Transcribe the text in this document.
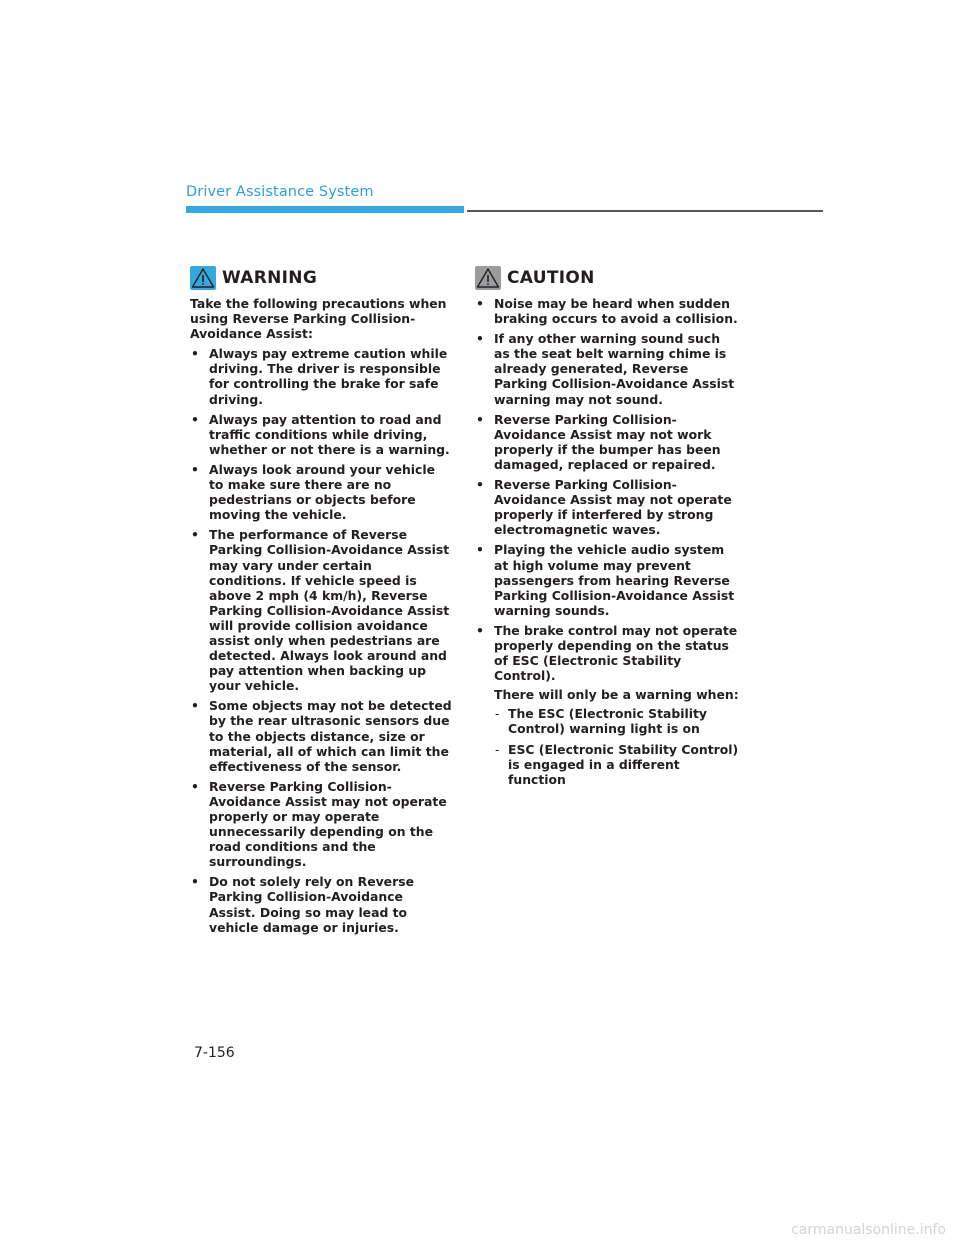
Driver Assistance System
WARNING

Take the following precautions when using Reverse Parking Collision-Avoidance Assist:

• Always pay extreme caution while driving. The driver is responsible for controlling the brake for safe driving.
• Always pay attention to road and traffic conditions while driving, whether or not there is a warning.
• Always look around your vehicle to make sure there are no pedestrians or objects before moving the vehicle.
• The performance of Reverse Parking Collision-Avoidance Assist may vary under certain conditions. If vehicle speed is above 2 mph (4 km/h), Reverse Parking Collision-Avoidance Assist will provide collision avoidance assist only when pedestrians are detected. Always look around and pay attention when backing up your vehicle.
• Some objects may not be detected by the rear ultrasonic sensors due to the objects distance, size or material, all of which can limit the effectiveness of the sensor.
• Reverse Parking Collision-Avoidance Assist may not operate properly or may operate unnecessarily depending on the road conditions and the surroundings.
• Do not solely rely on Reverse Parking Collision-Avoidance Assist. Doing so may lead to vehicle damage or injuries.
CAUTION
• Noise may be heard when sudden braking occurs to avoid a collision.
• If any other warning sound such as the seat belt warning chime is already generated, Reverse Parking Collision-Avoidance Assist warning may not sound.
• Reverse Parking Collision-Avoidance Assist may not work properly if the bumper has been damaged, replaced or repaired.
• Reverse Parking Collision-Avoidance Assist may not operate properly if interfered by strong electromagnetic waves.
• Playing the vehicle audio system at high volume may prevent passengers from hearing Reverse Parking Collision-Avoidance Assist warning sounds.
• The brake control may not operate properly depending on the status of ESC (Electronic Stability Control).

There will only be a warning when:

- The ESC (Electronic Stability Control) warning light is on
- ESC (Electronic Stability Control) is engaged in a different function
7-156
carmanualsonline.info
